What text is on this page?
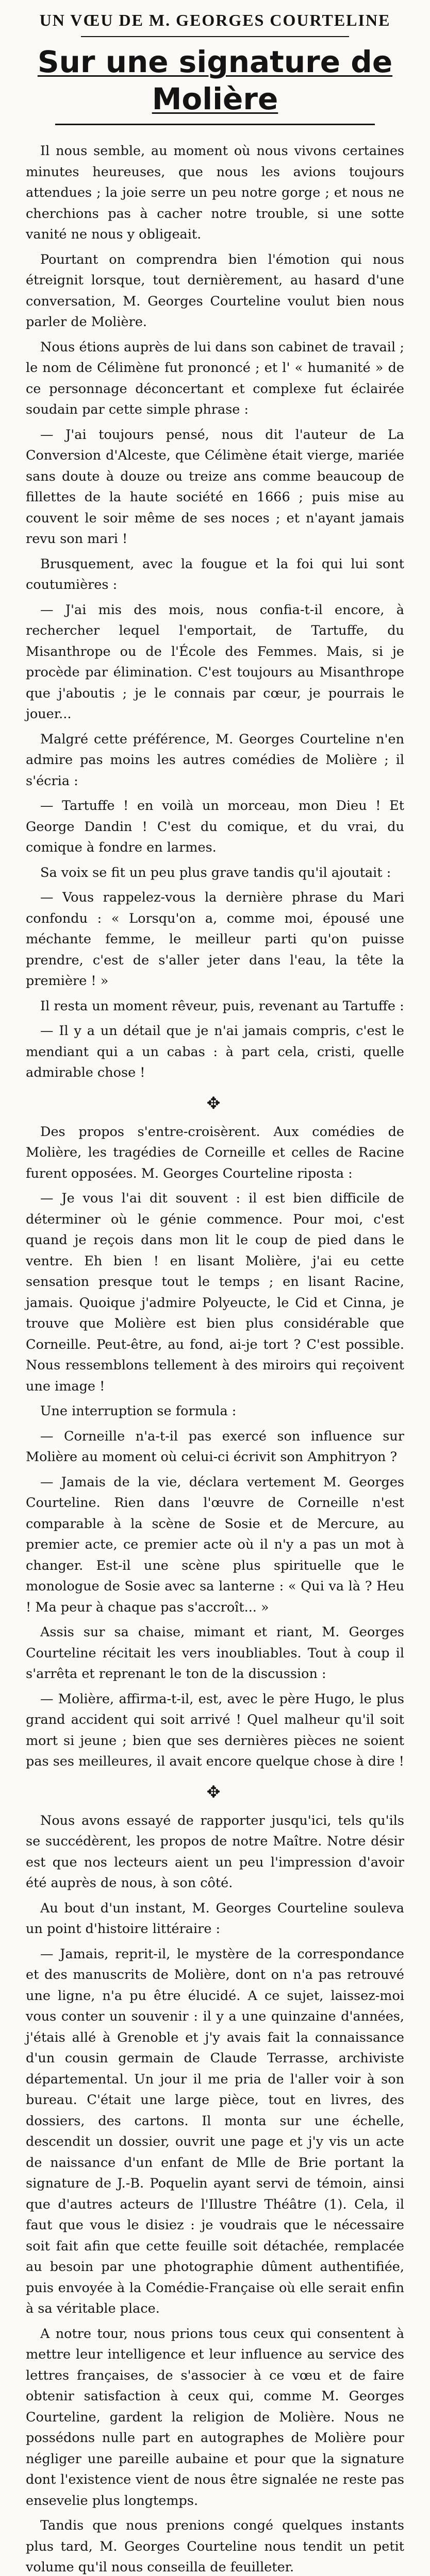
UN VŒU DE M. GEORGES COURTELINE
Sur une signature de Molière

Il nous semble, au moment où nous vivons certaines minutes heureuses, que nous les avions toujours attendues ; la joie serre un peu notre gorge ; et nous ne cherchions pas à cacher notre trouble, si une sotte vanité ne nous y obligeait.

Pourtant on comprendra bien l'émotion qui nous étreignit lorsque, tout dernièrement, au hasard d'une conversation, M. Georges Courteline voulut bien nous parler de Molière.

Nous étions auprès de lui dans son cabinet de travail ; le nom de Célimène fut prononcé ; et l' « humanité » de ce personnage déconcertant et complexe fut éclairée soudain par cette simple phrase :

— J'ai toujours pensé, nous dit l'auteur de La Conversion d'Alceste, que Célimène était vierge, mariée sans doute à douze ou treize ans comme beaucoup de fillettes de la haute société en 1666 ; puis mise au couvent le soir même de ses noces ; et n'ayant jamais revu son mari !

Brusquement, avec la fougue et la foi qui lui sont coutumières :

— J'ai mis des mois, nous confia-t-il encore, à rechercher lequel l'emportait, de Tartuffe, du Misanthrope ou de l'École des Femmes. Mais, si je procède par élimination. C'est toujours au Misanthrope que j'aboutis ; je le connais par cœur, je pourrais le jouer...

Malgré cette préférence, M. Georges Courteline n'en admire pas moins les autres comédies de Molière ; il s'écria :

— Tartuffe ! en voilà un morceau, mon Dieu ! Et George Dandin ! C'est du comique, et du vrai, du comique à fondre en larmes.

Sa voix se fit un peu plus grave tandis qu'il ajoutait :

— Vous rappelez-vous la dernière phrase du Mari confondu : « Lorsqu'on a, comme moi, épousé une méchante femme, le meilleur parti qu'on puisse prendre, c'est de s'aller jeter dans l'eau, la tête la première ! »

Il resta un moment rêveur, puis, revenant au Tartuffe :

— Il y a un détail que je n'ai jamais compris, c'est le mendiant qui a un cabas : à part cela, cristi, quelle admirable chose !

✥

Des propos s'entre-croisèrent. Aux comédies de Molière, les tragédies de Corneille et celles de Racine furent opposées. M. Georges Courteline riposta :

— Je vous l'ai dit souvent : il est bien difficile de déterminer où le génie commence. Pour moi, c'est quand je reçois dans mon lit le coup de pied dans le ventre. Eh bien ! en lisant Molière, j'ai eu cette sensation presque tout le temps ; en lisant Racine, jamais. Quoique j'admire Polyeucte, le Cid et Cinna, je trouve que Molière est bien plus considérable que Corneille. Peut-être, au fond, ai-je tort ? C'est possible. Nous ressemblons tellement à des miroirs qui reçoivent une image !

Une interruption se formula :

— Corneille n'a-t-il pas exercé son influence sur Molière au moment où celui-ci écrivit son Amphitryon ?

— Jamais de la vie, déclara vertement M. Georges Courteline. Rien dans l'œuvre de Corneille n'est comparable à la scène de Sosie et de Mercure, au premier acte, ce premier acte où il n'y a pas un mot à changer. Est-il une scène plus spirituelle que le monologue de Sosie avec sa lanterne : « Qui va là ? Heu ! Ma peur à chaque pas s'accroît... »

Assis sur sa chaise, mimant et riant, M. Georges Courteline récitait les vers inoubliables. Tout à coup il s'arrêta et reprenant le ton de la discussion :

— Molière, affirma-t-il, est, avec le père Hugo, le plus grand accident qui soit arrivé ! Quel malheur qu'il soit mort si jeune ; bien que ses dernières pièces ne soient pas ses meilleures, il avait encore quelque chose à dire !

✥

Nous avons essayé de rapporter jusqu'ici, tels qu'ils se succédèrent, les propos de notre Maître. Notre désir est que nos lecteurs aient un peu l'impression d'avoir été auprès de nous, à son côté.

Au bout d'un instant, M. Georges Courteline souleva un point d'histoire littéraire :

— Jamais, reprit-il, le mystère de la correspondance et des manuscrits de Molière, dont on n'a pas retrouvé une ligne, n'a pu être élucidé. A ce sujet, laissez-moi vous conter un souvenir : il y a une quinzaine d'années, j'étais allé à Grenoble et j'y avais fait la connaissance d'un cousin germain de Claude Terrasse, archiviste départemental. Un jour il me pria de l'aller voir à son bureau. C'était une large pièce, tout en livres, des dossiers, des cartons. Il monta sur une échelle, descendit un dossier, ouvrit une page et j'y vis un acte de naissance d'un enfant de Mlle de Brie portant la signature de J.-B. Poquelin ayant servi de témoin, ainsi que d'autres acteurs de l'Illustre Théâtre (1). Cela, il faut que vous le disiez : je voudrais que le nécessaire soit fait afin que cette feuille soit détachée, remplacée au besoin par une photographie dûment authentifiée, puis envoyée à la Comédie-Française où elle serait enfin à sa véritable place.

A notre tour, nous prions tous ceux qui consentent à mettre leur intelligence et leur influence au service des lettres françaises, de s'associer à ce vœu et de faire obtenir satisfaction à ceux qui, comme M. Georges Courteline, gardent la religion de Molière. Nous ne possédons nulle part en autographes de Molière pour négliger une pareille aubaine et pour que la signature dont l'existence vient de nous être signalée ne reste pas ensevelie plus longtemps.

Tandis que nous prenions congé quelques instants plus tard, M. Georges Courteline nous tendit un petit volume qu'il nous conseilla de feuilleter.
